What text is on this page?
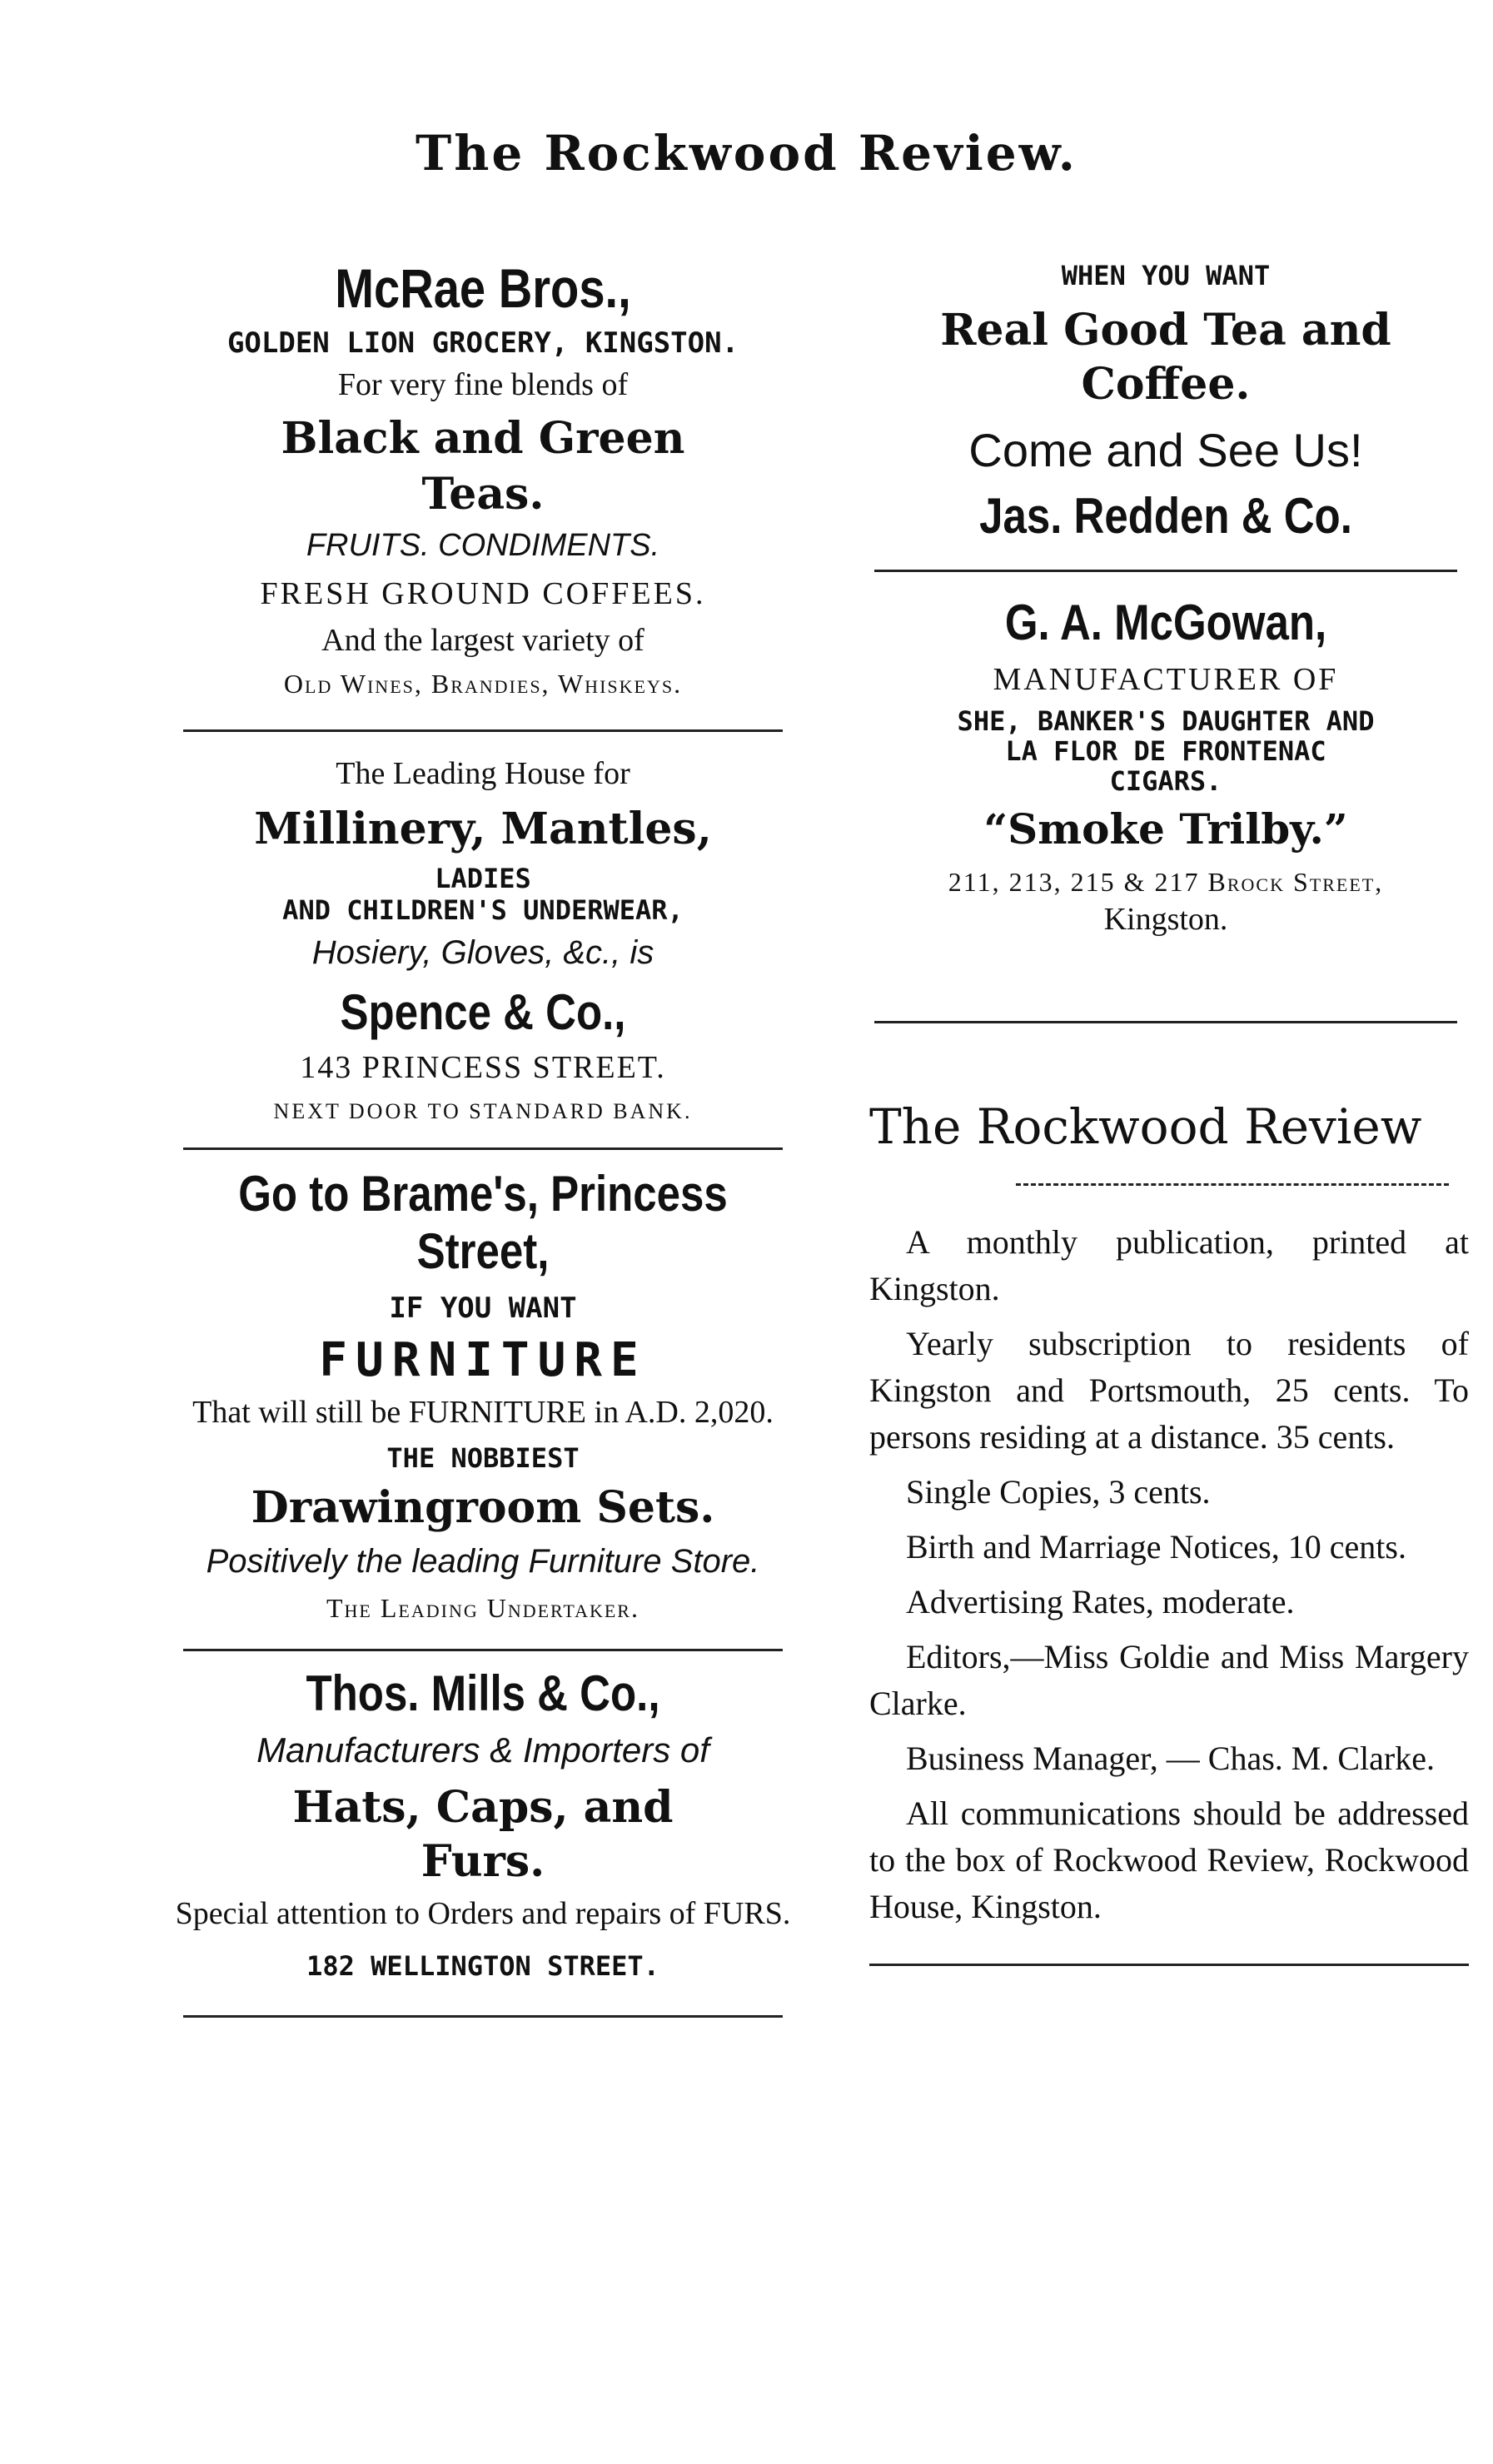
The Rockwood Review.
McRae Bros.,
GOLDEN LION GROCERY, KINGSTON.
For very fine blends of
Black and Green
Teas.
FRUITS. CONDIMENTS.
FRESH GROUND COFFEES.
And the largest variety of
Old Wines, Brandies, Whiskeys.
The Leading House for
Millinery, Mantles,
LADIES
AND CHILDREN'S UNDERWEAR,
Hosiery, Gloves, &c., is
Spence & Co.,
143 PRINCESS STREET.
NEXT DOOR TO STANDARD BANK.
Go to Brame's, Princess Street,
IF YOU WANT
FURNITURE
That will still be FURNITURE in A.D. 2,020.
THE NOBBIEST
Drawingroom Sets.
Positively the leading Furniture Store.
The Leading Undertaker.
Thos. Mills & Co.,
Manufacturers & Importers of
Hats, Caps, and
Furs.
Special attention to Orders and repairs of FURS.
182 WELLINGTON STREET.
WHEN YOU WANT
Real Good Tea and
Coffee.
Come and See Us!
Jas. Redden & Co.
G. A. McGowan,
MANUFACTURER OF
SHE, BANKER'S DAUGHTER AND
LA FLOR DE FRONTENAC
CIGARS.
“Smoke Trilby.”
211, 213, 215 & 217 Brock Street,
Kingston.
The Rockwood Review

A monthly publication, printed at Kingston.

Yearly subscription to residents of Kingston and Portsmouth, 25 cents. To persons residing at a distance. 35 cents.

Single Copies, 3 cents.

Birth and Marriage Notices, 10 cents.

Advertising Rates, moderate.

Editors,—Miss Goldie and Miss Margery Clarke.

Business Manager, — Chas. M. Clarke.

All communications should be addressed to the box of Rockwood Review, Rockwood House, Kingston.
